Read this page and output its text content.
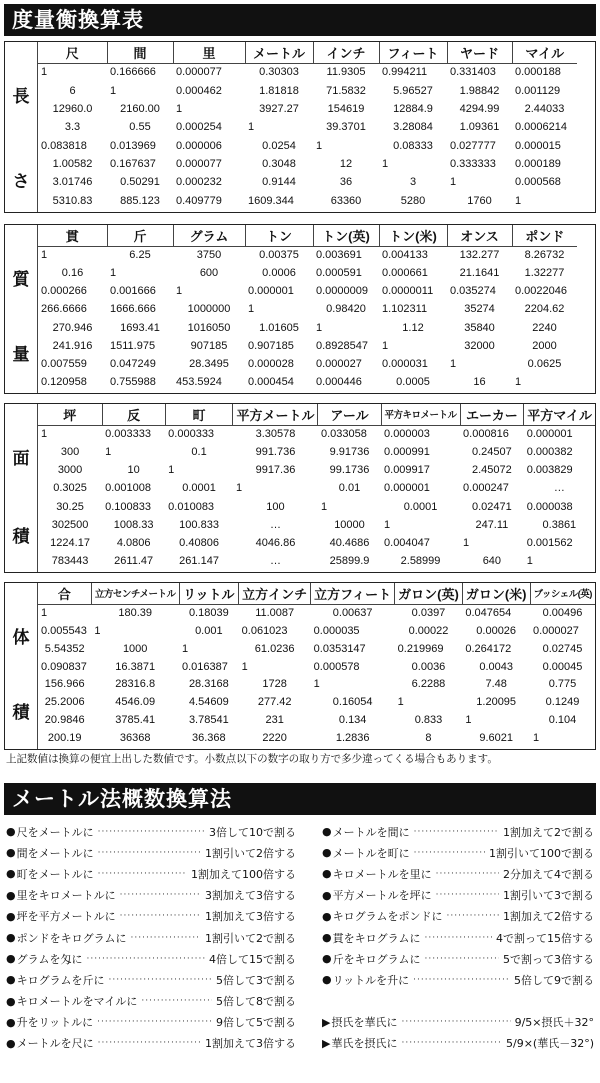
度量衡換算表
長
さ
尺	間	里	メートル	インチ	フィート	ヤード	マイル
1	0.166666	0.000077	0.30303	11.9305	0.994211	0.331403	0.000188
6	1	0.000462	1.81818	71.5832	5.96527	1.98842	0.001129
12960.0	2160.00	1	3927.27	154619	12884.9	4294.99	2.44033
3.3	0.55	0.000254	1	39.3701	3.28084	1.09361	0.0006214
0.083818	0.013969	0.000006	0.0254	1	0.08333	0.027777	0.000015
1.00582	0.167637	0.000077	0.3048	12	1	0.333333	0.000189
3.01746	0.50291	0.000232	0.9144	36	3	1	0.000568
5310.83	885.123	0.409779	1609.344	63360	5280	1760	1
質
量
貫	斤	グラム	トン	トン(英)	トン(米)	オンス	ポンド
1	6.25	3750	0.00375	0.003691	0.004133	132.277	8.26732
0.16	1	600	0.0006	0.000591	0.000661	21.1641	1.32277
0.000266	0.001666	1	0.000001	0.0000009	0.0000011	0.035274	0.0022046
266.6666	1666.666	1000000	1	0.98420	1.102311	35274	2204.62
270.946	1693.41	1016050	1.01605	1	1.12	35840	2240
241.916	1511.975	907185	0.907185	0.8928547	1	32000	2000
0.007559	0.047249	28.3495	0.000028	0.000027	0.000031	1	0.0625
0.120958	0.755988	453.5924	0.000454	0.000446	0.0005	16	1
面
積
坪	反	町	平方メートル	アール	平方キロメートル	エーカー	平方マイル
1	0.003333	0.000333	3.30578	0.033058	0.000003	0.000816	0.000001
300	1	0.1	991.736	9.91736	0.000991	0.24507	0.000382
3000	10	1	9917.36	99.1736	0.009917	2.45072	0.003829
0.3025	0.001008	0.0001	1	0.01	0.000001	0.000247	…
30.25	0.100833	0.010083	100	1	0.0001	0.02471	0.000038
302500	1008.33	100.833	…	10000	1	247.11	0.3861
1224.17	4.0806	0.40806	4046.86	40.4686	0.004047	1	0.001562
783443	2611.47	261.147	…	25899.9	2.58999	640	1
体
積
合	立方センチメートル	リットル	立方インチ	立方フィート	ガロン(英)	ガロン(米)	ブッシェル(英)
1	180.39	0.18039	11.0087	0.00637	0.0397	0.047654	0.00496
0.005543	1	0.001	0.061023	0.000035	0.00022	0.00026	0.000027
5.54352	1000	1	61.0236	0.0353147	0.219969	0.264172	0.02745
0.090837	16.3871	0.016387	1	0.000578	0.0036	0.0043	0.00045
156.966	28316.8	28.3168	1728	1	6.2288	7.48	0.775
25.2006	4546.09	4.54609	277.42	0.16054	1	1.20095	0.1249
20.9846	3785.41	3.78541	231	0.134	0.833	1	0.104
200.19	36368	36.368	2220	1.2836	8	9.6021	1
上記数値は換算の便宜上出した数値です。小数点以下の数字の取り方で多少違ってくる場合もあります。
メートル法概数換算法
● 尺をメートルに ·····	3倍して10で割る
● 間をメートルに ·····	1割引いて2倍する
● 町をメートルに ·····	1割加えて100倍する
● 里をキロメートルに ·····	3割加えて3倍する
● 坪を平方メートルに ·····	1割加えて3倍する
● ポンドをキログラムに ·····	1割引いて2で割る
● グラムを匁に ·····	4倍して15で割る
● キログラムを斤に ·····	5倍して3で割る
● キロメートルをマイルに ·····	5倍して8で割る
● 升をリットルに ·····	9倍して5で割る
● メートルを尺に ·····	1割加えて3倍する
● メートルを間に ·····	1割加えて2で割る
● メートルを町に ·····	1割引いて100で割る
● キロメートルを里に ·····	2分加えて4で割る
● 平方メートルを坪に ·····	1割引いて3で割る
● キログラムをポンドに ·····	1割加えて2倍する
● 貫をキログラムに ·····	4で割って15倍する
● 斤をキログラムに ·····	5で割って3倍する
● リットルを升に ·····	5倍して9で割る
▶ 摂氏を華氏に ·····	9/5×摂氏＋32°
▶ 華氏を摂氏に ·····	5/9×(華氏－32°)
